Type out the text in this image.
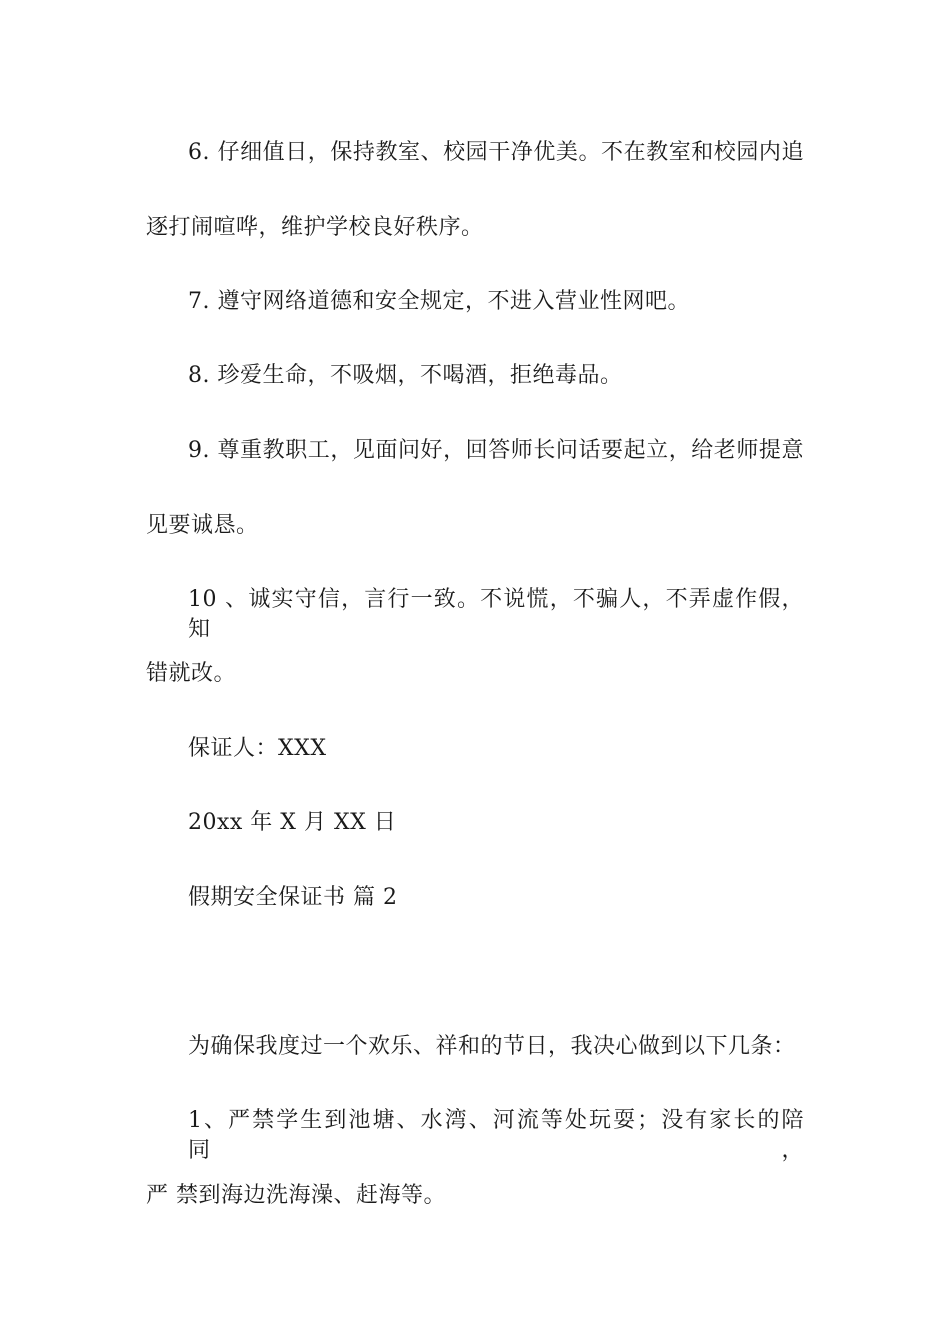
6. 仔细值日，保持教室、校园干净优美。不在教室和校园内追
逐打闹喧哗，维护学校良好秩序。
7. 遵守网络道德和安全规定，不进入营业性网吧。
8. 珍爱生命，不吸烟，不喝酒，拒绝毒品。
9. 尊重教职工，见面问好，回答师长问话要起立，给老师提意
见要诚恳。
10 、诚实守信，言行一致。不说慌，不骗人，不弄虚作假，知
错就改。
保证人：XXX
20xx 年 X 月 XX 日
假期安全保证书 篇 2
为确保我度过一个欢乐、祥和的节日，我决心做到以下几条：
1、严禁学生到池塘、水湾、河流等处玩耍；没有家长的陪同，
严 禁到海边洗海澡、赶海等。
